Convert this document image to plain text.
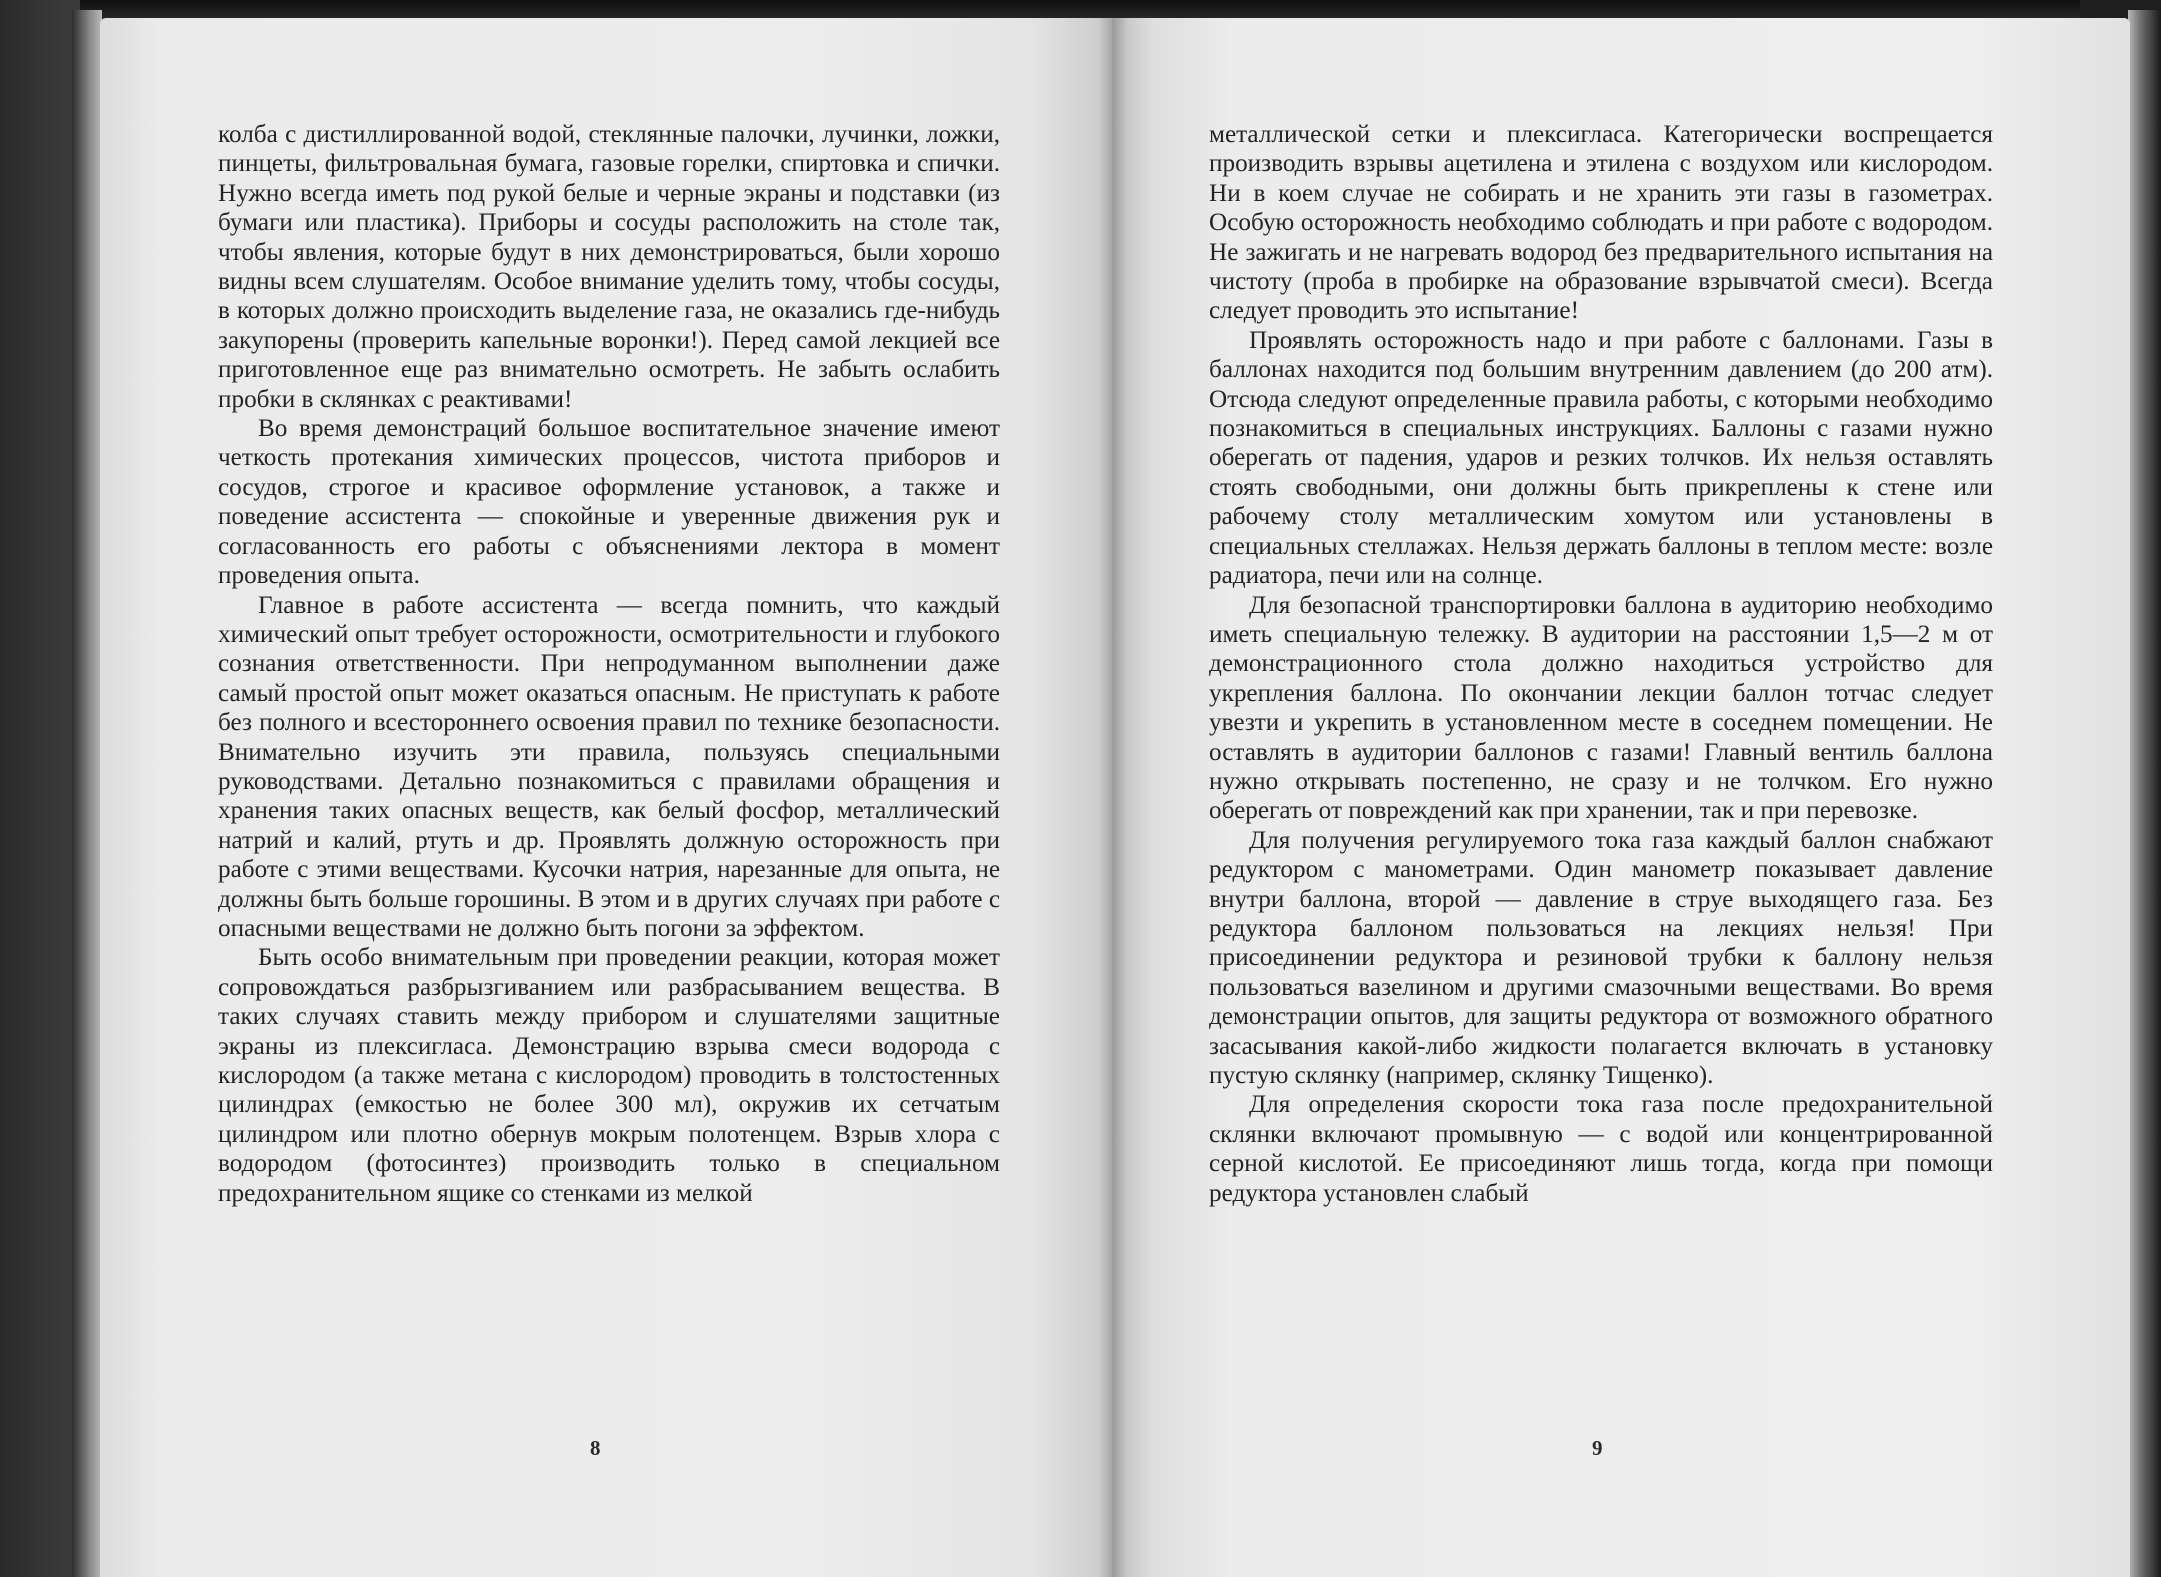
колба с дистиллированной водой, стеклянные палочки, лучинки, ложки, пинцеты, фильтровальная бумага, газовые горелки, спиртовка и спички. Нужно всегда иметь под рукой белые и черные экраны и подставки (из бумаги или пластика). Приборы и сосуды расположить на столе так, чтобы явления, которые будут в них демонстрироваться, были хорошо видны всем слушателям. Особое внимание уделить тому, чтобы сосуды, в которых должно происходить выделение газа, не оказались где-нибудь закупорены (проверить капельные воронки!). Перед самой лекцией все приготовленное еще раз внимательно осмотреть. Не забыть ослабить пробки в склянках с реактивами!

Во время демонстраций большое воспитательное значение имеют четкость протекания химических процессов, чистота приборов и сосудов, строгое и красивое оформление установок, а также и поведение ассистента — спокойные и уверенные движения рук и согласованность его работы с объяснениями лектора в момент проведения опыта.

Главное в работе ассистента — всегда помнить, что каждый химический опыт требует осторожности, осмотрительности и глубокого сознания ответственности. При непродуманном выполнении даже самый простой опыт может оказаться опасным. Не приступать к работе без полного и всестороннего освоения правил по технике безопасности. Внимательно изучить эти правила, пользуясь специальными руководствами. Детально познакомиться с правилами обращения и хранения таких опасных веществ, как белый фосфор, металлический натрий и калий, ртуть и др. Проявлять должную осторожность при работе с этими веществами. Кусочки натрия, нарезанные для опыта, не должны быть больше горошины. В этом и в других случаях при работе с опасными веществами не должно быть погони за эффектом.

Быть особо внимательным при проведении реакции, которая может сопровождаться разбрызгиванием или разбрасыванием вещества. В таких случаях ставить между прибором и слушателями защитные экраны из плексигласа. Демонстрацию взрыва смеси водорода с кислородом (а также метана с кислородом) проводить в толстостенных цилиндрах (емкостью не более 300 мл), окружив их сетчатым цилиндром или плотно обернув мокрым полотенцем. Взрыв хлора с водородом (фотосинтез) производить только в специальном предохранительном ящике со стенками из мелкой

8

металлической сетки и плексигласа. Категорически воспрещается производить взрывы ацетилена и этилена с воздухом или кислородом. Ни в коем случае не собирать и не хранить эти газы в газометрах. Особую осторожность необходимо соблюдать и при работе с водородом. Не зажигать и не нагревать водород без предварительного испытания на чистоту (проба в пробирке на образование взрывчатой смеси). Всегда следует проводить это испытание!

Проявлять осторожность надо и при работе с баллонами. Газы в баллонах находится под большим внутренним давлением (до 200 атм). Отсюда следуют определенные правила работы, с которыми необходимо познакомиться в специальных инструкциях. Баллоны с газами нужно оберегать от падения, ударов и резких толчков. Их нельзя оставлять стоять свободными, они должны быть прикреплены к стене или рабочему столу металлическим хомутом или установлены в специальных стеллажах. Нельзя держать баллоны в теплом месте: возле радиатора, печи или на солнце.

Для безопасной транспортировки баллона в аудиторию необходимо иметь специальную тележку. В аудитории на расстоянии 1,5—2 м от демонстрационного стола должно находиться устройство для укрепления баллона. По окончании лекции баллон тотчас следует увезти и укрепить в установленном месте в соседнем помещении. Не оставлять в аудитории баллонов с газами! Главный вентиль баллона нужно открывать постепенно, не сразу и не толчком. Его нужно оберегать от повреждений как при хранении, так и при перевозке.

Для получения регулируемого тока газа каждый баллон снабжают редуктором с манометрами. Один манометр показывает давление внутри баллона, второй — давление в струе выходящего газа. Без редуктора баллоном пользоваться на лекциях нельзя! При присоединении редуктора и резиновой трубки к баллону нельзя пользоваться вазелином и другими смазочными веществами. Во время демонстрации опытов, для защиты редуктора от возможного обратного засасывания какой-либо жидкости полагается включать в установку пустую склянку (например, склянку Тищенко).

Для определения скорости тока газа после предохранительной склянки включают промывную — с водой или концентрированной серной кислотой. Ее присоединяют лишь тогда, когда при помощи редуктора установлен слабый

9
